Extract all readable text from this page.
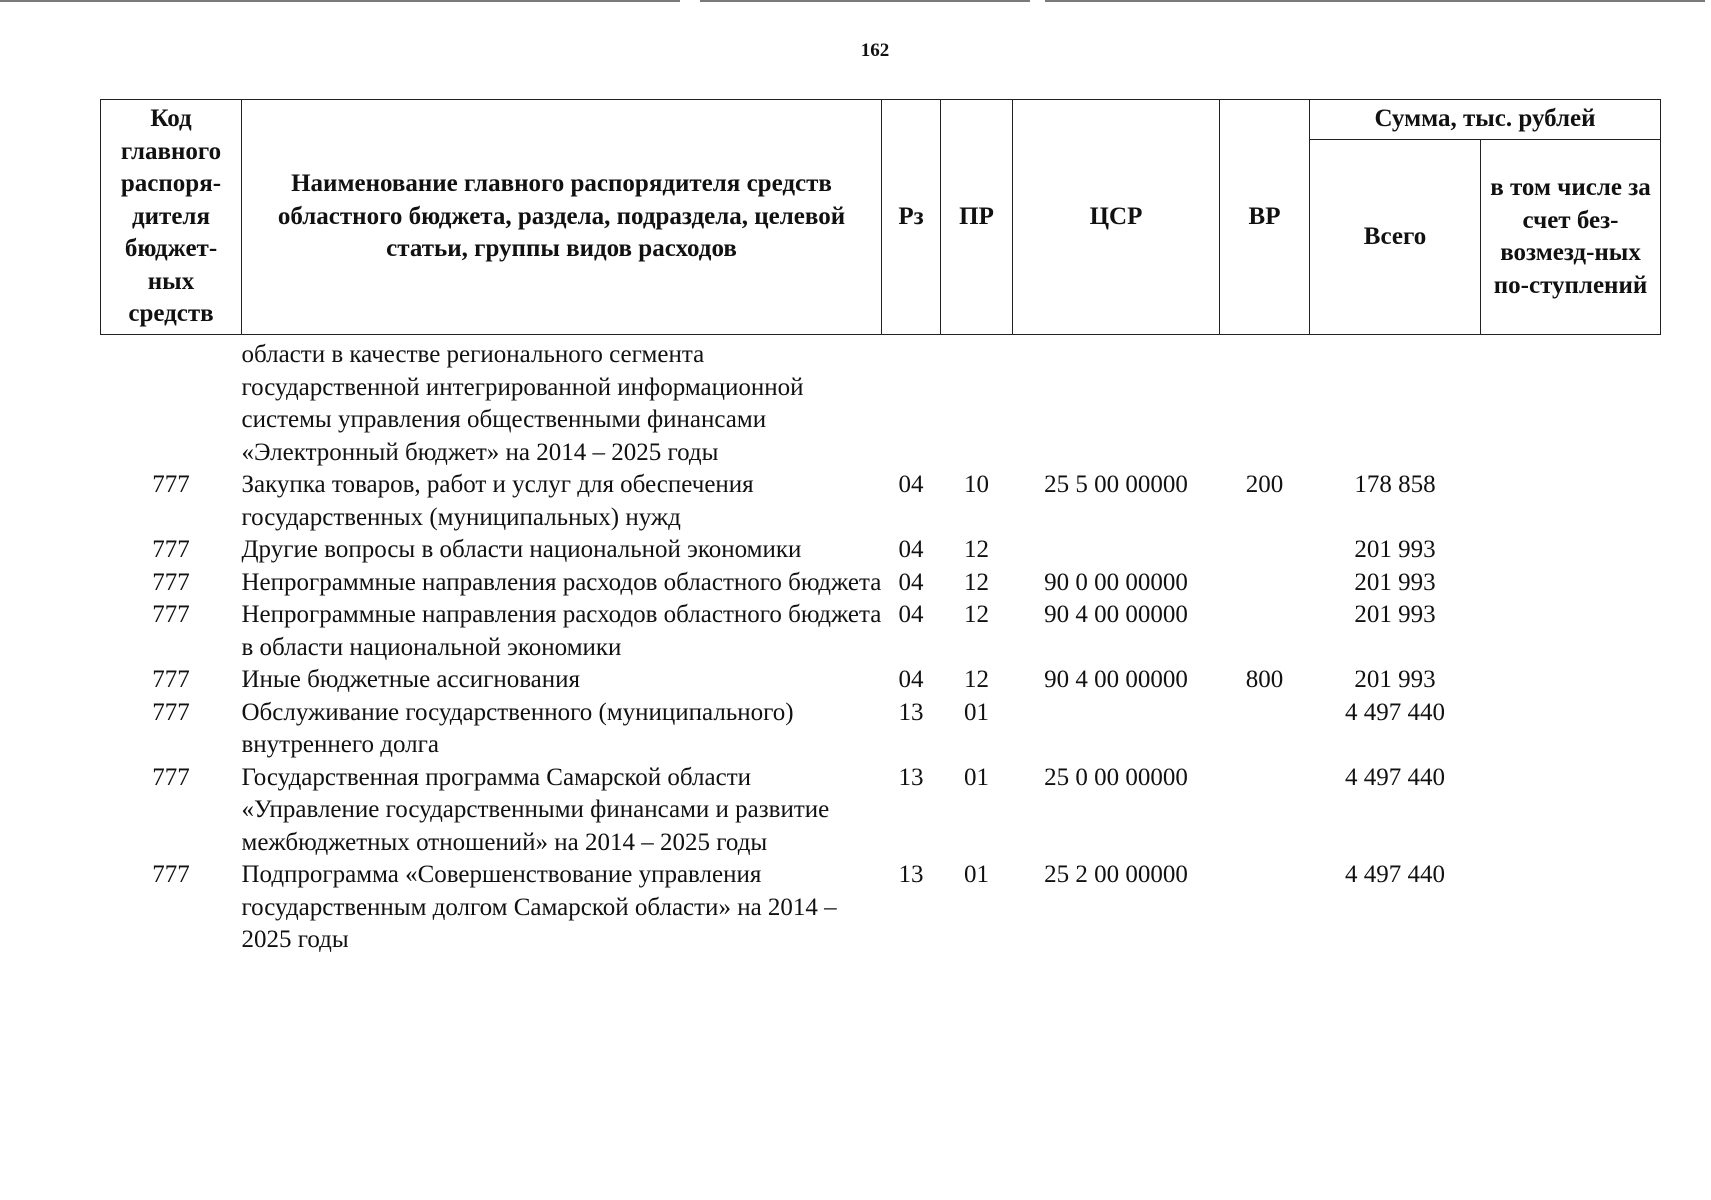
162
Код главного распоря-дителя бюджет-ных средств	Наименование главного распорядителя средств областного бюджета, раздела, подраздела, целевой статьи, группы видов расходов	Рз	ПР	ЦСР	ВР	Сумма, тыс. рублей	
						Всего	в том числе за счет без-возмезд-ных по-ступлений
	области в качестве регионального сегмента государственной интегрированной информационной системы управления общественными финансами «Электронный бюджет» на 2014 – 2025 годы						
777	Закупка товаров, работ и услуг для обеспечения государственных (муниципальных) нужд	04	10	25 5 00 00000	200	178 858	
777	Другие вопросы в области национальной экономики	04	12			201 993	
777	Непрограммные направления расходов областного бюджета	04	12	90 0 00 00000		201 993	
777	Непрограммные направления расходов областного бюджета в области национальной экономики	04	12	90 4 00 00000		201 993	
777	Иные бюджетные ассигнования	04	12	90 4 00 00000	800	201 993	
777	Обслуживание государственного (муниципального) внутреннего долга	13	01			4 497 440	
777	Государственная программа Самарской области «Управление государственными финансами и развитие межбюджетных отношений» на 2014 – 2025 годы	13	01	25 0 00 00000		4 497 440	
777	Подпрограмма «Совершенствование управления государственным долгом Самарской области» на 2014 – 2025 годы	13	01	25 2 00 00000		4 497 440	
